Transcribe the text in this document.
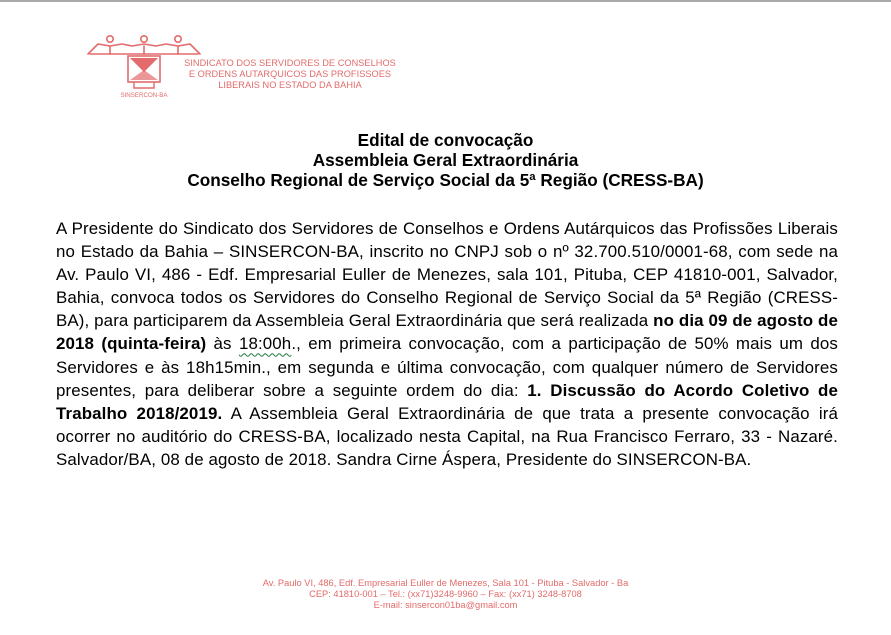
SINSERCON-BA
SINDICATO DOS SERVIDORES DE CONSELHOS
E ORDENS AUTARQUICOS DAS PROFISSOES
LIBERAIS NO ESTADO DA BAHIA
Edital de convocação
Assembleia Geral Extraordinária
Conselho Regional de Serviço Social da 5ª Região (CRESS-BA)
A Presidente do Sindicato dos Servidores de Conselhos e Ordens Autárquicos das Profissões Liberais no Estado da Bahia – SINSERCON-BA, inscrito no CNPJ sob o nº 32.700.510/0001-68, com sede na Av. Paulo VI, 486 - Edf. Empresarial Euller de Menezes, sala 101, Pituba, CEP 41810-001, Salvador, Bahia, convoca todos os Servidores do Conselho Regional de Serviço Social da 5ª Região (CRESS-BA), para participarem da Assembleia Geral Extraordinária que será realizada no dia 09 de agosto de 2018 (quinta-feira) às 18:00h., em primeira convocação, com a participação de 50% mais um dos Servidores e às 18h15min., em segunda e última convocação, com qualquer número de Servidores presentes, para deliberar sobre a seguinte ordem do dia: 1. Discussão do Acordo Coletivo de Trabalho 2018/2019. A Assembleia Geral Extraordinária de que trata a presente convocação irá ocorrer no auditório do CRESS-BA, localizado nesta Capital, na Rua Francisco Ferraro, 33 - Nazaré. Salvador/BA, 08 de agosto de 2018. Sandra Cirne Áspera, Presidente do SINSERCON-BA.
Av. Paulo VI, 486, Edf. Empresarial Euller de Menezes, Sala 101 - Pituba - Salvador - Ba
CEP: 41810-001 – Tel.: (xx71)3248-9960 – Fax: (xx71) 3248-8708
E-mail: sinsercon01ba@gmail.com
